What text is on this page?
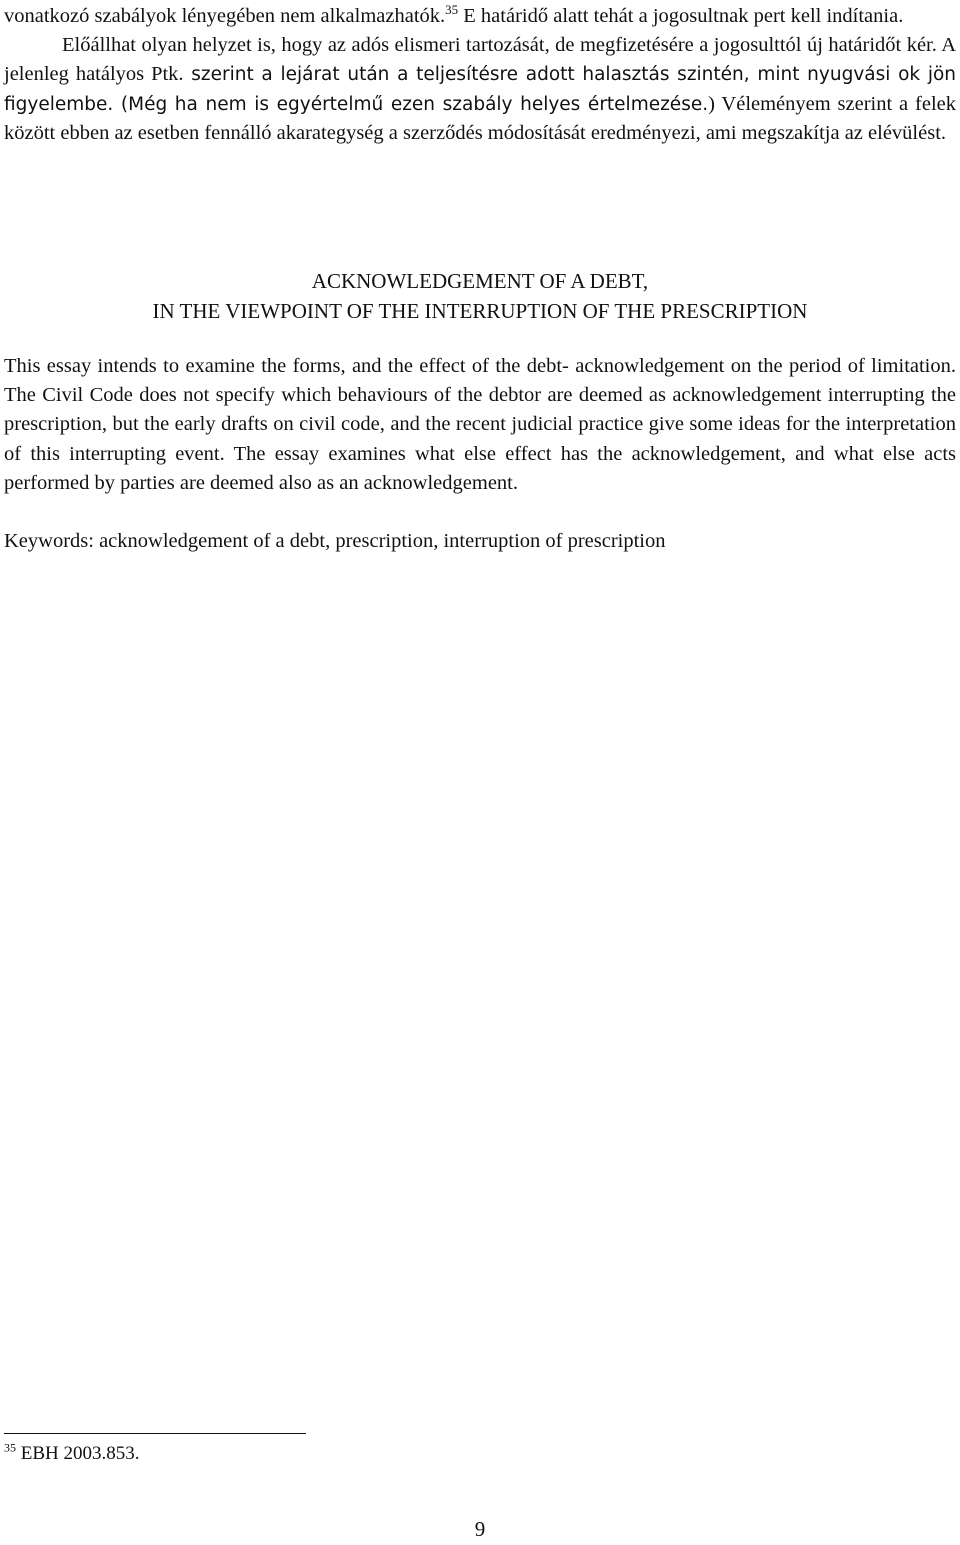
vonatkozó szabályok lényegében nem alkalmazhatók.$^{35}$ E határidő alatt tehát a jogosultnak pert kell indítania.

Előállhat olyan helyzet is, hogy az adós elismeri tartozását, de megfizetésére a jogosulttól új határidőt kér. A jelenleg hatályos Ptk. szerint a lejárat után a teljesítésre adott halasztás szintén, mint nyugvási ok jön figyelembe. (Még ha nem is egyértelmű ezen szabály helyes értelmezése.) Véleményem szerint a felek között ebben az esetben fennálló akarategység a szerződés módosítását eredményezi, ami megszakítja az elévülést.

ACKNOWLEDGEMENT OF A DEBT,
IN THE VIEWPOINT OF THE INTERRUPTION OF THE PRESCRIPTION

This essay intends to examine the forms, and the effect of the debt- acknowledgement on the period of limitation. The Civil Code does not specify which behaviours of the debtor are deemed as acknowledgement interrupting the prescription, but the early drafts on civil code, and the recent judicial practice give some ideas for the interpretation of this interrupting event. The essay examines what else effect has the acknowledgement, and what else acts performed by parties are deemed also as an acknowledgement.

Keywords: acknowledgement of a debt, prescription, interruption of prescription

$^{35}$ EBH 2003.853.

9
